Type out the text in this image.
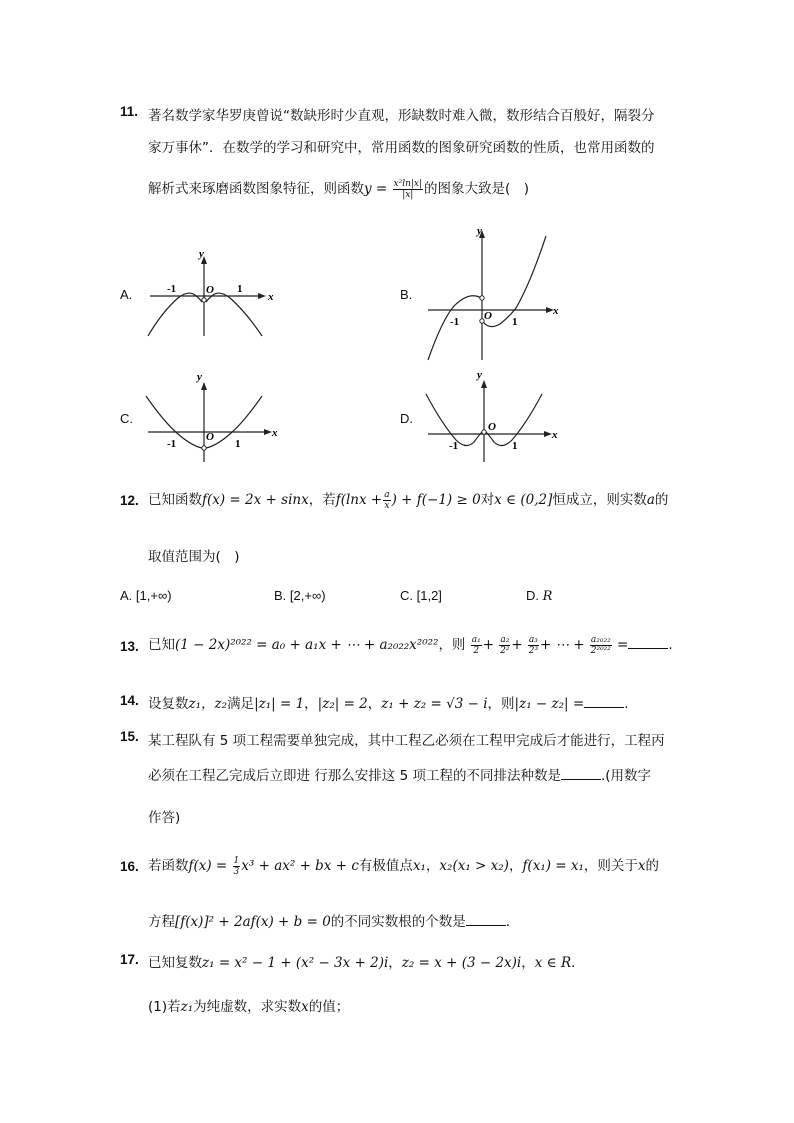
11. 著名数学家华罗庚曾说“数缺形时少直观，形缺数时难入微，数形结合百般好，隔裂分
家万事休”．在数学的学习和研究中，常用函数的图象研究函数的性质，也常用函数的
解析式来琢磨函数图象特征，则函数$y = \frac{\text{x²ln|x|}}{|x|}$ 的图象大致是(　)
A.	B.
C.	D.
y
x
O
-1	1
y
x
O
-1	1
y
x
O
-1	1
y
x
O
-1	1
12. 已知函数f(x) = 2x + sinx，若$f(\ln x + \frac{a}{x}$ ) + f(−1) ≥ 0对x ∈ (0,2]恒成立，则实数a的
取值范围为(　)
A. [1,+∞)	B. [2,+∞)	C. [1,2]	D. R
13. 已知(1 − 2x)²⁰²² = a₀ + a₁x + ⋯ + a₂₀₂₂x²⁰²²，则 $\frac{\text{a₁}}{2} + \frac{\text{a₂}}{\text{2²}} + \frac{\text{a₃}}{\text{2³}}$ + ⋯ + $\frac{\text{a₂₀₂₂}}{\text{2²⁰²²}}$ =	.
14. 设复数z₁，z₂满足|z₁| = 1，|z₂| = 2，z₁ + z₂ = √3 − i，则|z₁ − z₂| =	.
15. 某工程队有 5 项工程需要单独完成，其中工程乙必须在工程甲完成后才能进行，工程丙
必须在工程乙完成后立即进 行那么安排这 5 项工程的不同排法种数是	.(用数字
作答)
16. 若函数$f(x) = \frac{1}{3} x^3 + ax^2$ + bx + c有极值点x₁，x₂(x₁ > x₂)，f(x₁) = x₁，则关于x的
方程[f(x)]² + 2af(x) + b = 0的不同实数根的个数是	.
17. 已知复数z₁ = x² − 1 + (x² − 3x + 2)i，z₂ = x + (3 − 2x)i，x ∈ R.
(1)若z₁为纯虚数，求实数x的值；
